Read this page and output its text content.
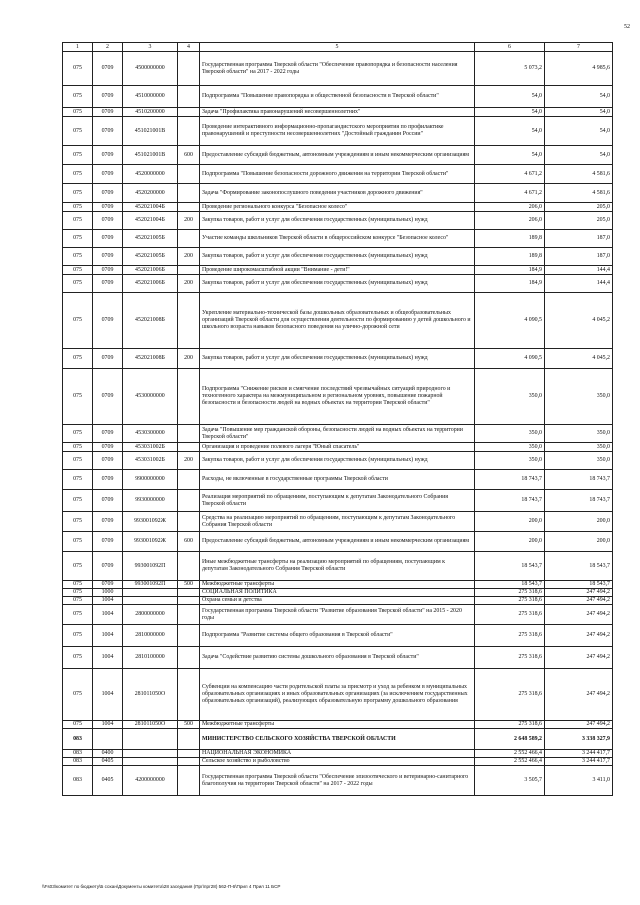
52
1	2	3	4	5	6	7
075	0709	4500000000		Государственная программа Тверской области "Обеспечение правопорядка и безопасности населения Тверской области" на 2017 - 2022 годы	5 073,2	4 985,6
075	0709	4510000000		Подпрограмма "Повышение правопорядка и общественной безопасности в Тверской области"	54,0	54,0
075	0709	4510200000		Задача "Профилактика правонарушений несовершеннолетних"	54,0	54,0
075	0709	451021001В		Проведение интерактивного информационно-пропагандистского мероприятия по профилактике правонарушений и преступности несовершеннолетних "Достойный гражданин России"	54,0	54,0
075	0709	451021001В	600	Предоставление субсидий бюджетным, автономным учреждениям и иным некоммерческим организациям	54,0	54,0
075	0709	4520000000		Подпрограмма "Повышение безопасности дорожного движения на территории Тверской области"	4 671,2	4 581,6
075	0709	4520200000		Задача "Формирование законопослушного поведения участников дорожного движения"	4 671,2	4 581,6
075	0709	452021004Б		Проведение регионального конкурса "Безопасное колесо"	206,0	205,0
075	0709	452021004Б	200	Закупка товаров, работ и услуг для обеспечения государственных (муниципальных) нужд	206,0	205,0
075	0709	452021005Б		Участие команды школьников Тверской области в общероссийском конкурсе "Безопасное колесо"	189,8	187,0
075	0709	452021005Б	200	Закупка товаров, работ и услуг для обеспечения государственных (муниципальных) нужд	189,8	187,0
075	0709	452021006Б		Проведение широкомасштабной акции "Внимание - дети!"	184,9	144,4
075	0709	452021006Б	200	Закупка товаров, работ и услуг для обеспечения государственных (муниципальных) нужд	184,9	144,4
075	0709	452021008Б		Укрепление материально-технической базы дошкольных образовательных и общеобразовательных организаций Тверской области для осуществления деятельности по формированию у детей дошкольного и школьного возраста навыков безопасного поведения на улично-дорожной сети	4 090,5	4 045,2
075	0709	452021008Б	200	Закупка товаров, работ и услуг для обеспечения государственных (муниципальных) нужд	4 090,5	4 045,2
075	0709	4530000000		Подпрограмма "Снижение рисков и смягчение последствий чрезвычайных ситуаций природного и техногенного характера на межмуниципальном и региональном уровнях, повышение пожарной безопасности и безопасности людей на водных объектах на территории Тверской области"	350,0	350,0
075	0709	4530300000		Задача "Повышение мер гражданской обороны, безопасности людей на водных объектах на территории Тверской области"	350,0	350,0
075	0709	453031002Б		Организация и проведение полевого лагеря "Юный спасатель"	350,0	350,0
075	0709	453031002Б	200	Закупка товаров, работ и услуг для обеспечения государственных (муниципальных) нужд	350,0	350,0
075	0709	9900000000		Расходы, не включенные в государственные программы Тверской области	18 743,7	18 743,7
075	0709	9930000000		Реализация мероприятий по обращениям, поступающим к депутатам Законодательного Собрания Тверской области	18 743,7	18 743,7
075	0709	993001092Ж		Средства на реализацию мероприятий по обращениям, поступающим к депутатам Законодательного Собрания Тверской области	200,0	200,0
075	0709	993001092Ж	600	Предоставление субсидий бюджетным, автономным учреждениям и иным некоммерческим организациям	200,0	200,0
075	0709	993001092П		Иные межбюджетные трансферты на реализацию мероприятий по обращениям, поступающим к депутатам Законодательного Собрания Тверской области	18 543,7	18 543,7
075	0709	993001092П	500	Межбюджетные трансферты	18 543,7	18 543,7
075	1000			СОЦИАЛЬНАЯ ПОЛИТИКА	275 318,6	247 494,2
075	1004			Охрана семьи и детства	275 318,6	247 494,2
075	1004	2800000000		Государственная программа Тверской области "Развитие образования Тверской области" на 2015 - 2020 годы	275 318,6	247 494,2
075	1004	2810000000		Подпрограмма "Развитие системы общего образования в Тверской области"	275 318,6	247 494,2
075	1004	2810100000		Задача "Содействие развитию системы дошкольного образования в Тверской области"	275 318,6	247 494,2
075	1004	281011050О		Субвенции на компенсацию части родительской платы за присмотр и уход за ребенком в муниципальных образовательных организациях и иных образовательных организациях (за исключением государственных образовательных организаций), реализующих образовательную программу дошкольного образования	275 318,6	247 494,2
075	1004	281011050О	500	Межбюджетные трансферты	275 318,6	247 494,2
083				МИНИСТЕРСТВО СЕЛЬСКОГО ХОЗЯЙСТВА ТВЕРСКОЙ ОБЛАСТИ	2 648 589,2	3 338 327,9
083	0400			НАЦИОНАЛЬНАЯ ЭКОНОМИКА	2 552 466,4	3 244 417,7
083	0405			Сельское хозяйство и рыболовство	2 552 466,4	3 244 417,7
083	0405	4200000000		Государственная программа Тверской области "Обеспечение эпизоотического и ветеринарно-санитарного благополучия на территории Тверской области" на 2017 - 2022 годы	3 505,7	3 411,0
\\Fs03\комитет по бюджету\Б сохан\Документы комитета\28 заседания (Прг\прг28) 562-П-6\Прил 4 Прил 11 БСР
